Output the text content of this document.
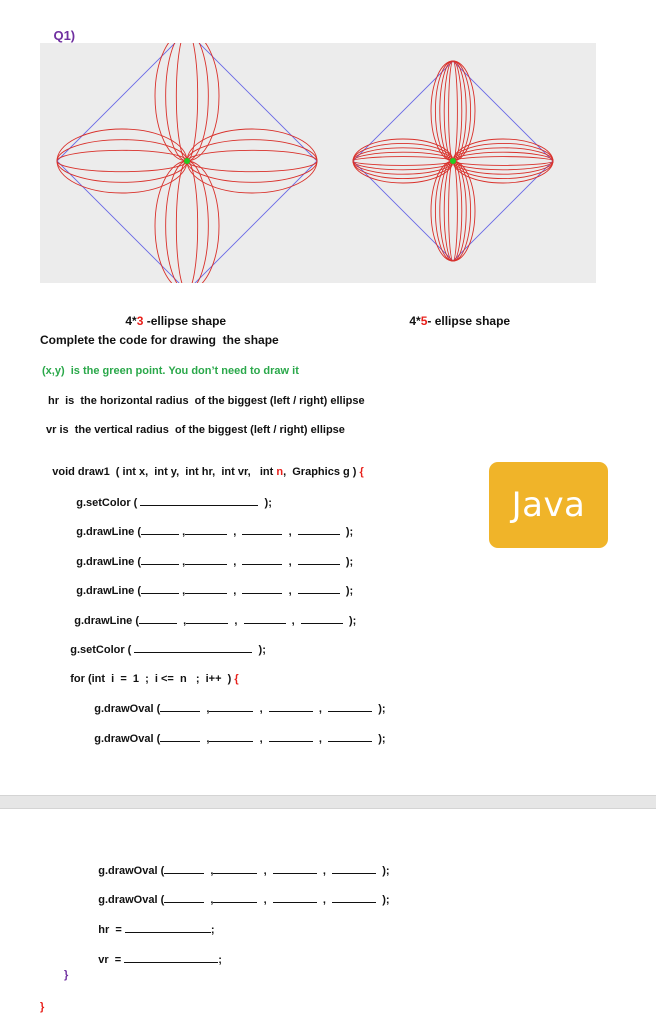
Q1)

4*3 -ellipse shape
	4*5- ellipse shape

Complete the code for drawing  the shape
(x,y)  is the green point. You don’t need to draw it
hr  is  the horizontal radius  of the biggest (left / right) ellipse
vr is  the vertical radius  of the biggest (left / right) ellipse

void draw1  ( int x,  int y,  int hr,  int vr,   int n,  Graphics g ) {

g.setColor (	);

g.drawLine (	,	,	,	);

g.drawLine (	,	,	,	);

g.drawLine (	,	,	,	);

g.drawLine (	,	,	,	);

g.setColor (	);

for (int  i  =  1  ;  i <=  n   ;  i++  ) {

g.drawOval (	,	,	,	);

g.drawOval (	,	,	,	);

Java

g.drawOval (	,	,	,	);

g.drawOval (	,	,	,	);

hr  =	;

vr  =	;

}
}
